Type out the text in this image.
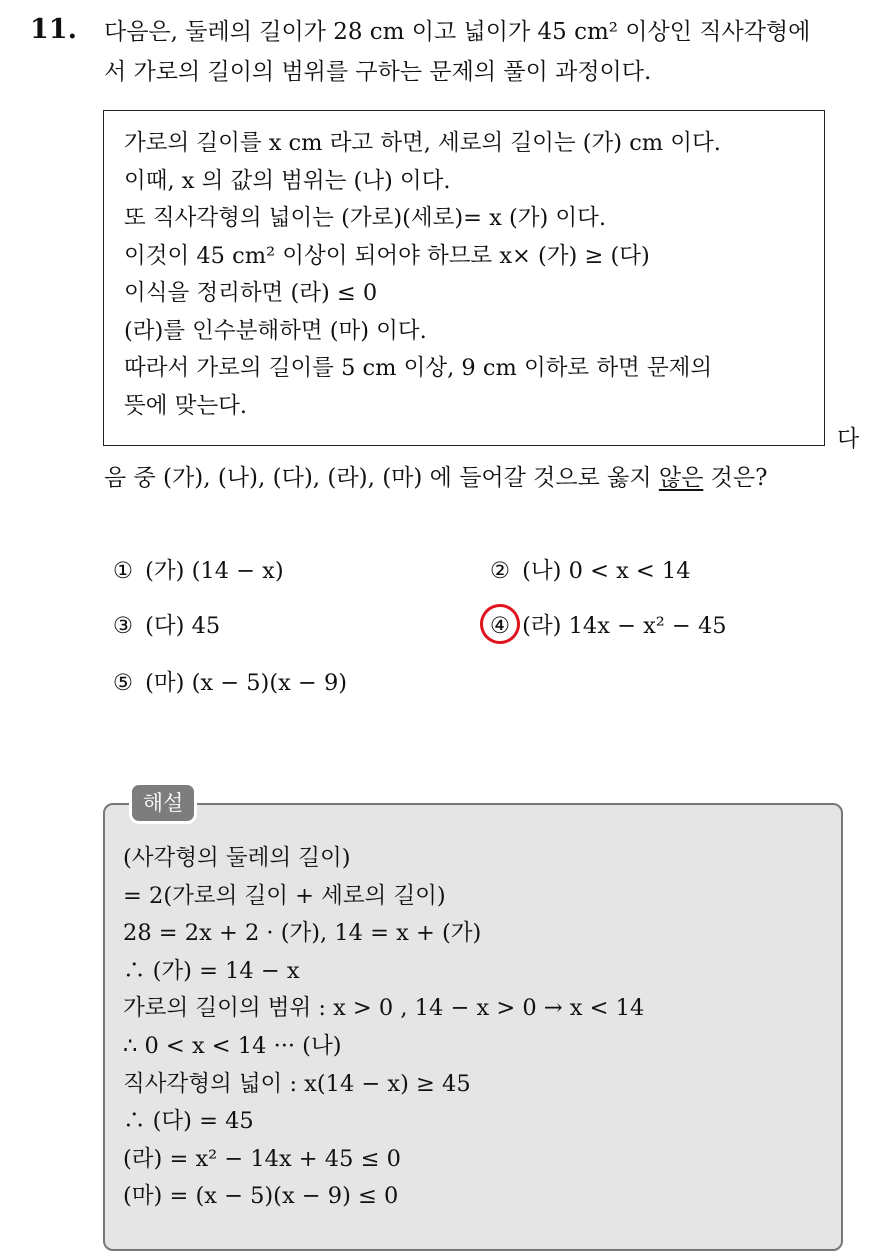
11. 다음은, 둘레의 길이가 28 cm 이고 넓이가 45 cm² 이상인 직사각형에
서 가로의 길이의 범위를 구하는 문제의 풀이 과정이다.
가로의 길이를 x cm 라고 하면, 세로의 길이는 (가) cm 이다.
이때, x 의 값의 범위는 (나) 이다.
또 직사각형의 넓이는 (가로)(세로)= x (가) 이다.
이것이 45 cm² 이상이 되어야 하므로 x× (가) ≥ (다)
이식을 정리하면 (라) ≤ 0
(라)를 인수분해하면 (마) 이다.
따라서 가로의 길이를 5 cm 이상, 9 cm 이하로 하면 문제의
뜻에 맞는다.
다
음 중 (가), (나), (다), (라), (마) 에 들어갈 것으로 옳지 않은 것은?
① (가) (14 − x)	② (나) 0 < x < 14
③ (다) 45	④ (라) 14x − x² − 45
⑤ (마) (x − 5)(x − 9)
해설
(사각형의 둘레의 길이)
= 2(가로의 길이 + 세로의 길이)
28 = 2x + 2 · (가), 14 = x + (가)
∴ (가) = 14 − x
가로의 길이의 범위 : x > 0 , 14 − x > 0 → x < 14
∴ 0 < x < 14 ··· (나)
직사각형의 넓이 : x(14 − x) ≥ 45
∴ (다) = 45
(라) = x² − 14x + 45 ≤ 0
(마) = (x − 5)(x − 9) ≤ 0
